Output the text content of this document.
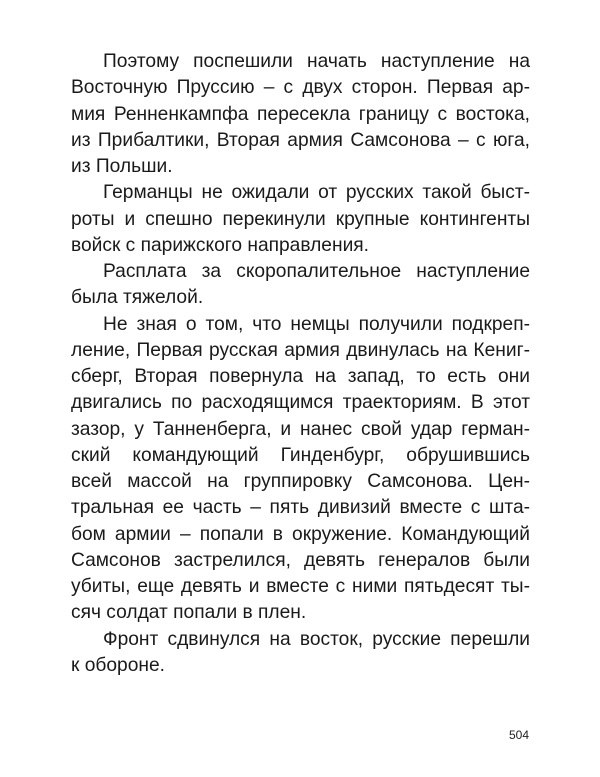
Поэтому поспешили начать наступление на
Восточную Пруссию – с двух сторон. Первая ар-
мия Ренненкампфа пересекла границу с востока,
из Прибалтики, Вторая армия Самсонова – с юга,
из Польши.
Германцы не ожидали от русских такой быст-
роты и спешно перекинули крупные контингенты
войск с парижского направления.
Расплата за скоропалительное наступление
была тяжелой.
Не зная о том, что немцы получили подкреп-
ление, Первая русская армия двинулась на Кениг-
сберг, Вторая повернула на запад, то есть они
двигались по расходящимся траекториям. В этот
зазор, у Танненберга, и нанес свой удар герман-
ский командующий Гинденбург, обрушившись
всей массой на группировку Самсонова. Цен-
тральная ее часть – пять дивизий вместе с шта-
бом армии – попали в окружение. Командующий
Самсонов застрелился, девять генералов были
убиты, еще девять и вместе с ними пятьдесят ты-
сяч солдат попали в плен.
Фронт сдвинулся на восток, русские перешли
к обороне.
504
